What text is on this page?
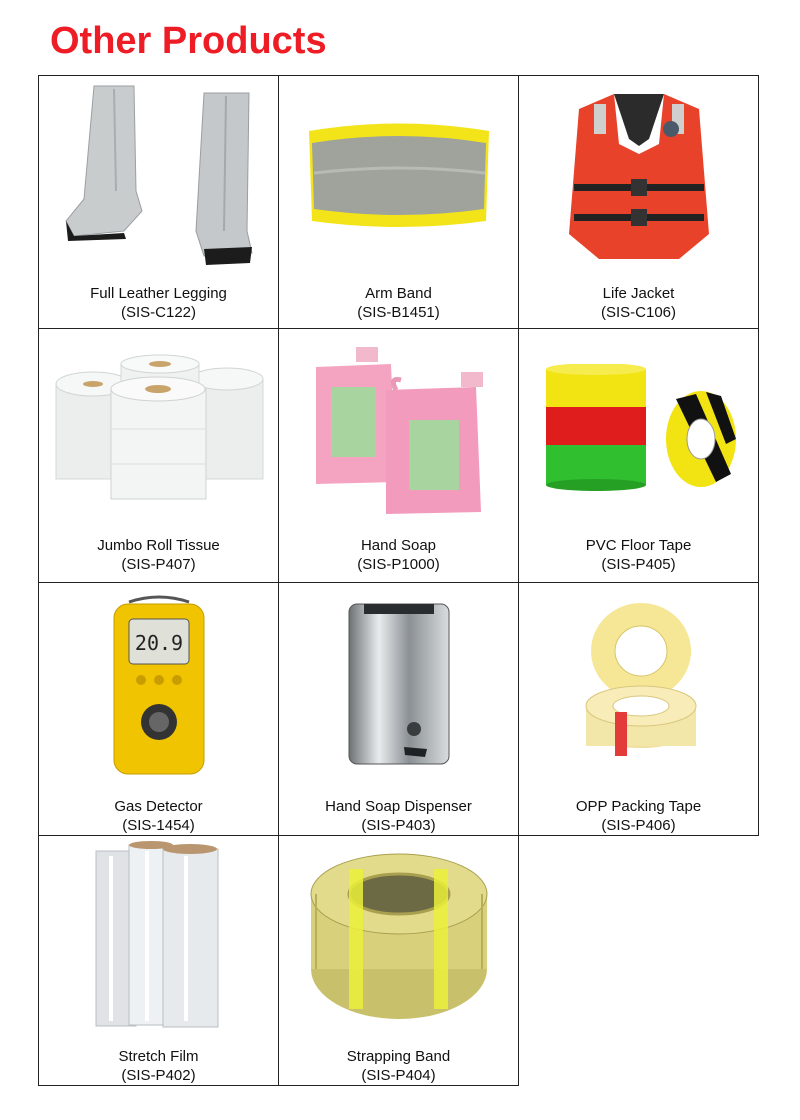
Other Products
Full Leather Legging
(SIS-C122)
Arm Band
(SIS-B1451)
Life Jacket
(SIS-C106)
Jumbo Roll Tissue
(SIS-P407)
Hand Soap
(SIS-P1000)
PVC Floor Tape
(SIS-P405)
20.9
Gas Detector
(SIS-1454)
Hand Soap Dispenser
(SIS-P403)
OPP Packing Tape
(SIS-P406)
Stretch Film
(SIS-P402)
Strapping Band
(SIS-P404)
